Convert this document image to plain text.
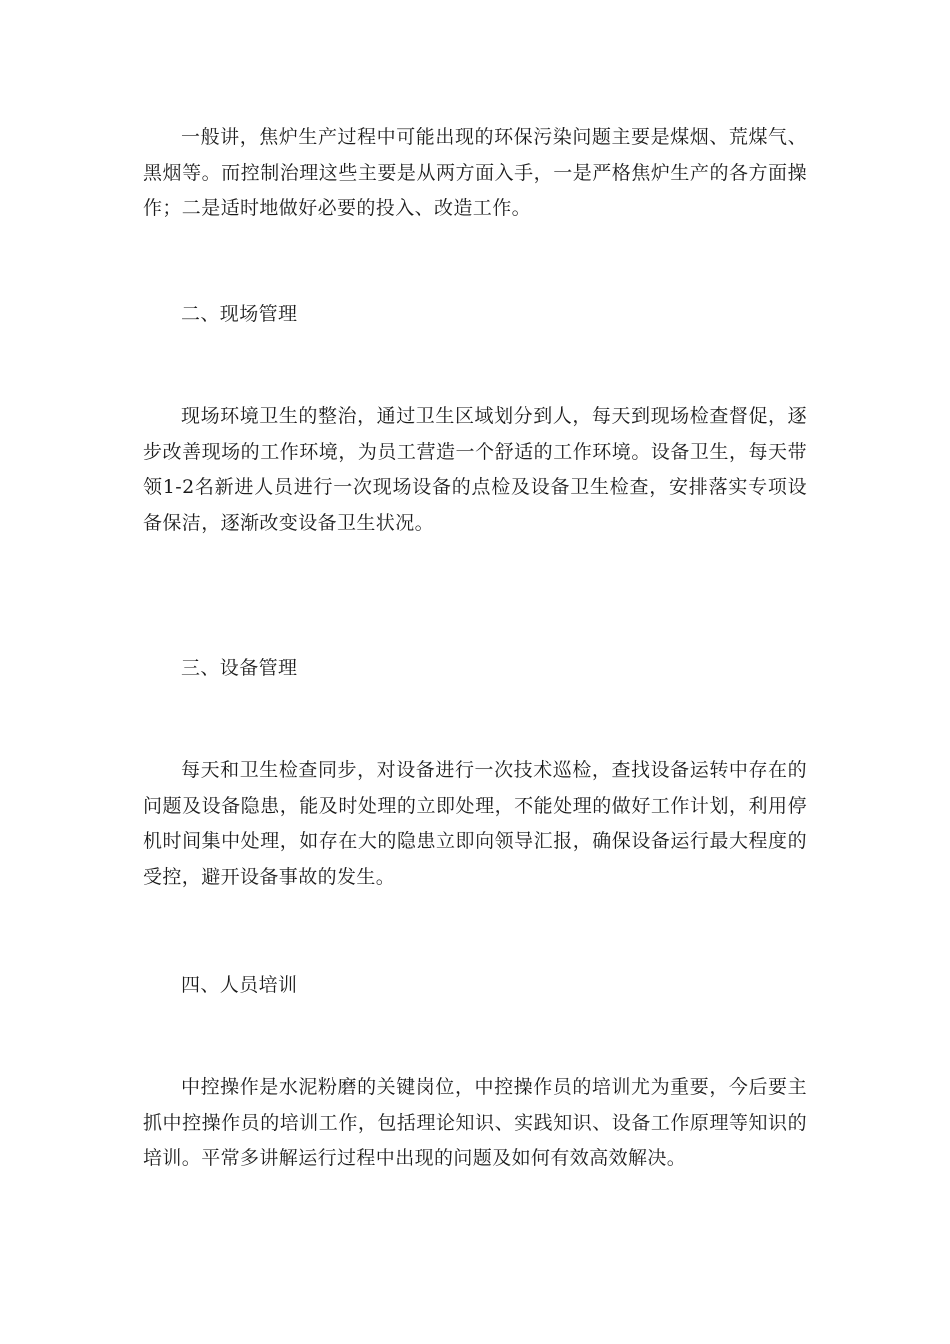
一般讲，焦炉生产过程中可能出现的环保污染问题主要是煤烟、荒煤气、黑烟等。而控制治理这些主要是从两方面入手，一是严格焦炉生产的各方面操作；二是适时地做好必要的投入、改造工作。

二、现场管理

现场环境卫生的整治，通过卫生区域划分到人，每天到现场检查督促，逐步改善现场的工作环境，为员工营造一个舒适的工作环境。设备卫生，每天带领1-2名新进人员进行一次现场设备的点检及设备卫生检查，安排落实专项设备保洁，逐渐改变设备卫生状况。

三、设备管理

每天和卫生检查同步，对设备进行一次技术巡检，查找设备运转中存在的问题及设备隐患，能及时处理的立即处理，不能处理的做好工作计划，利用停机时间集中处理，如存在大的隐患立即向领导汇报，确保设备运行最大程度的受控，避开设备事故的发生。

四、人员培训

中控操作是水泥粉磨的关键岗位，中控操作员的培训尤为重要，今后要主抓中控操作员的培训工作，包括理论知识、实践知识、设备工作原理等知识的培训。平常多讲解运行过程中出现的问题及如何有效高效解决。
